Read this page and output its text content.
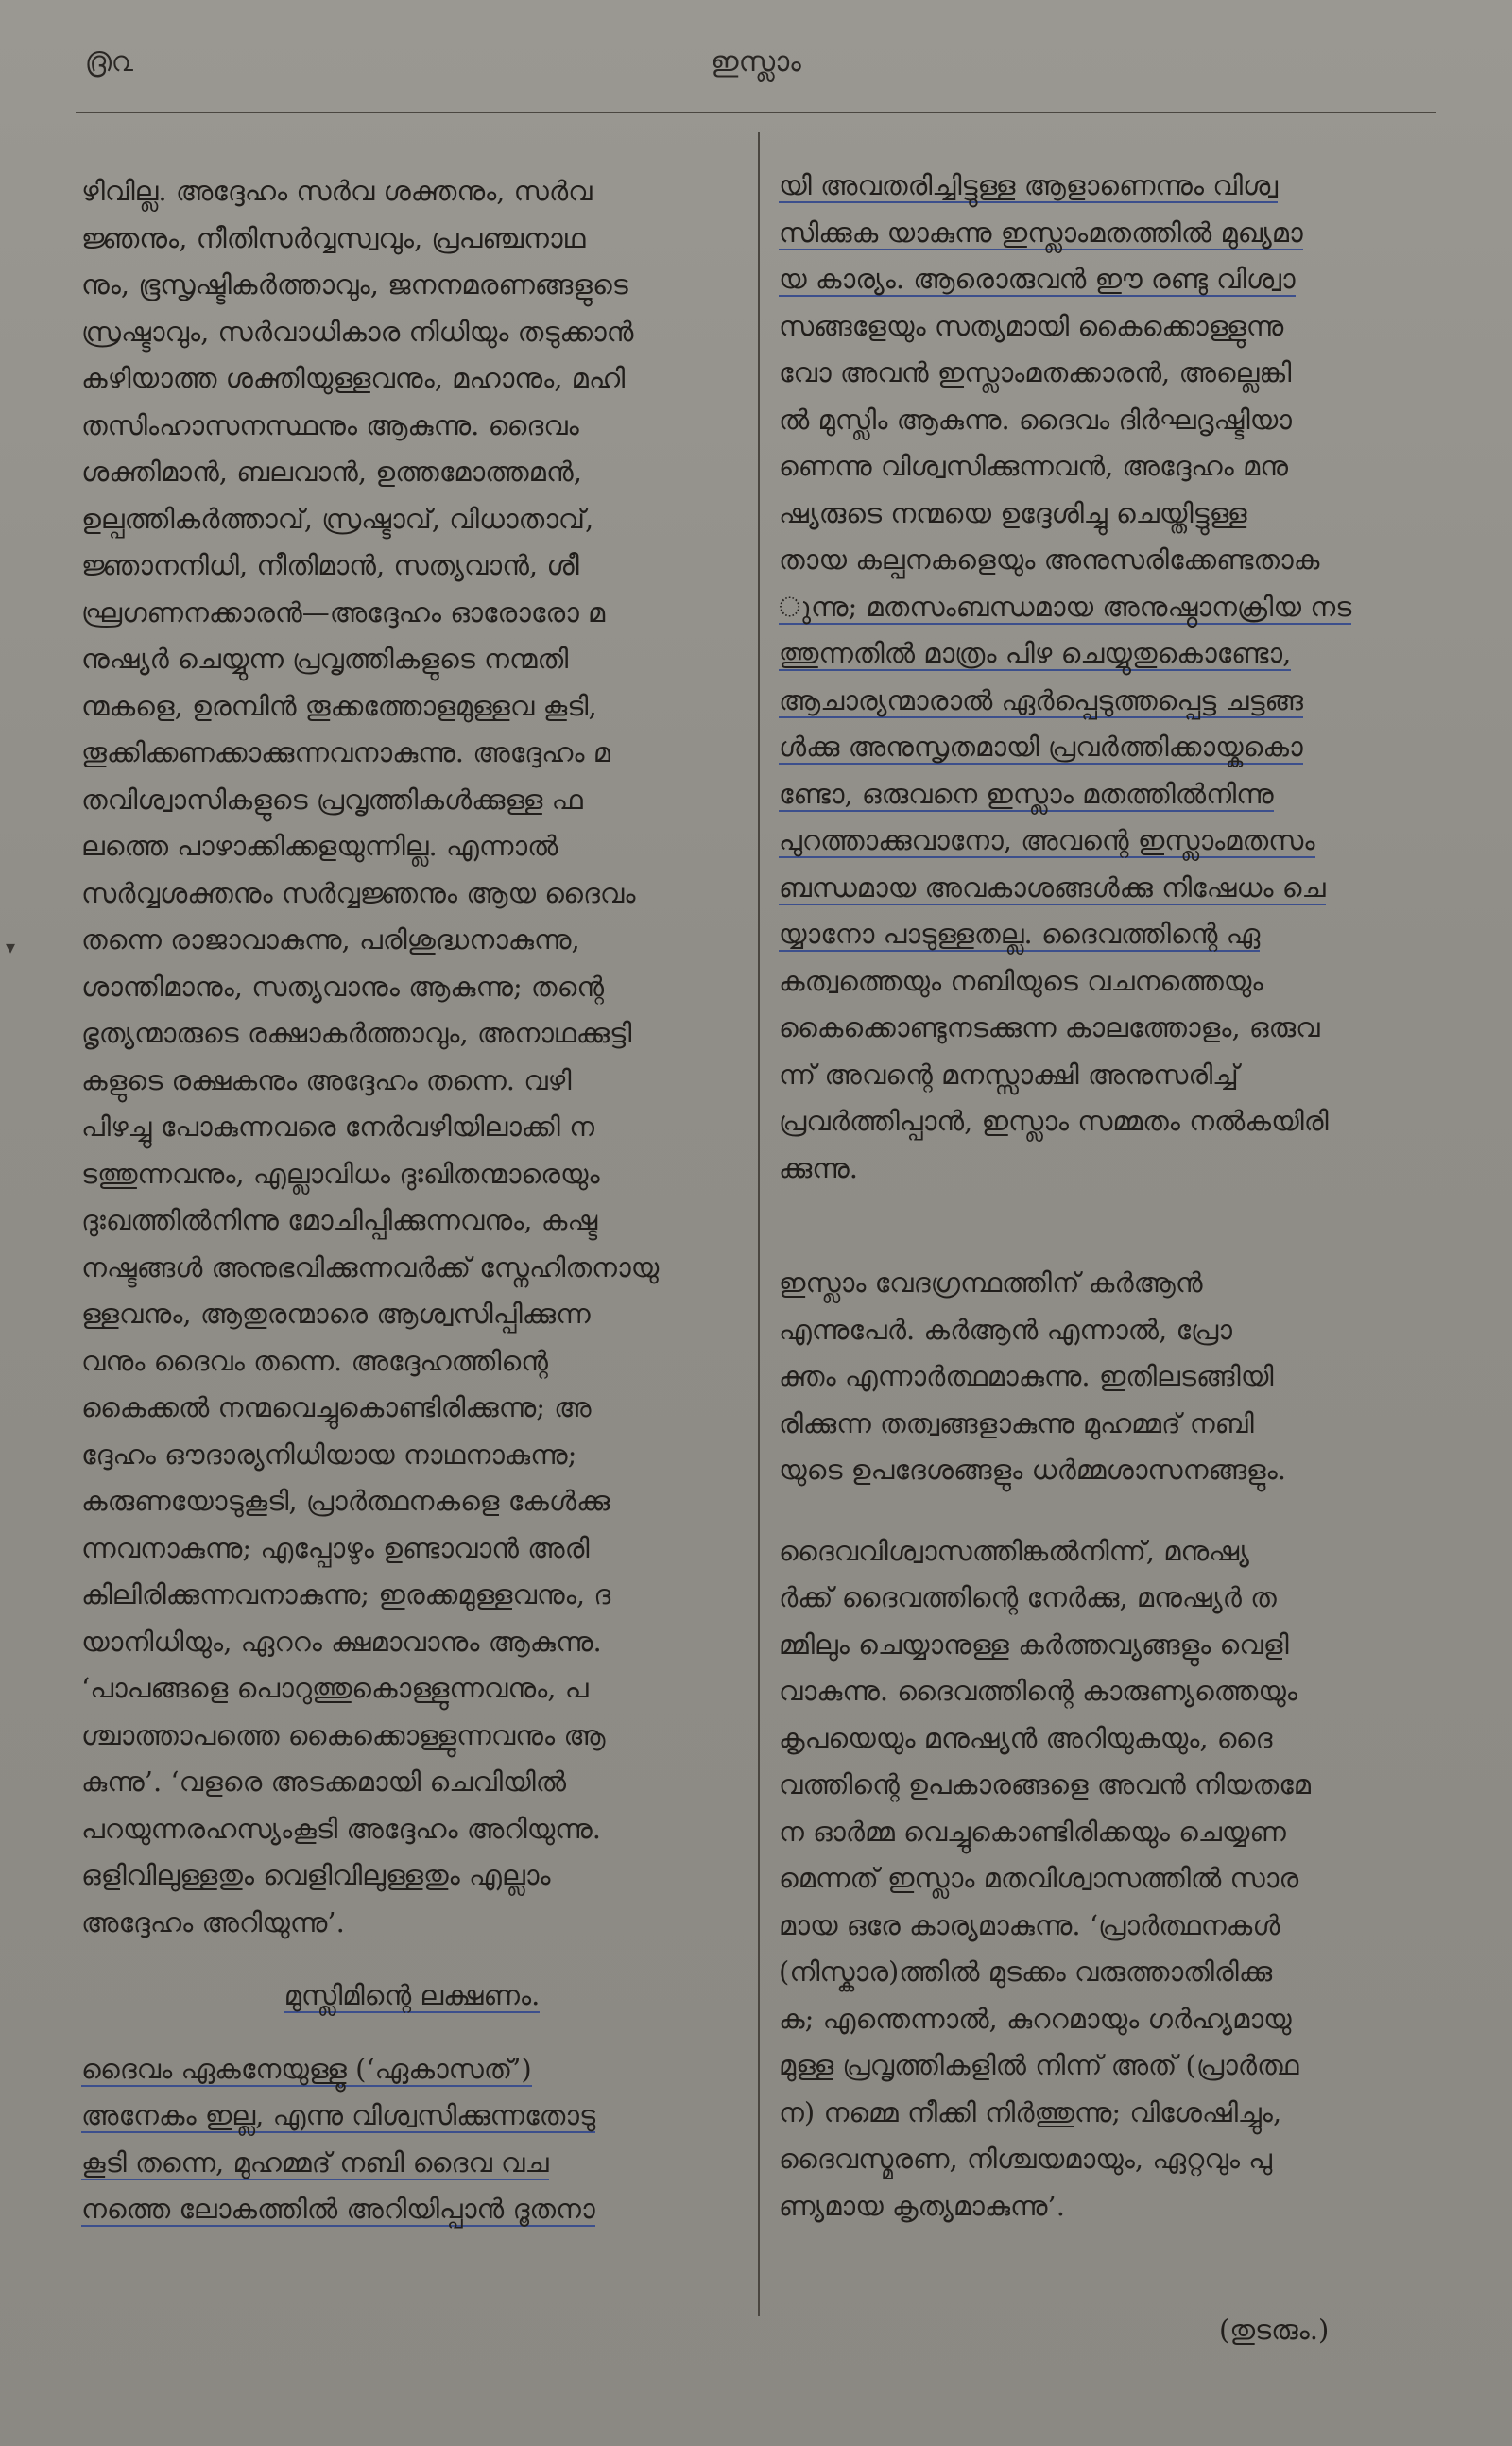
൫൨	ഇസ്ലാം
▾
ഴിവില്ല. അദ്ദേഹം സർവ ശക്തനും, സർവ
ജ്ഞനും, നീതിസർവ്വസ്വവും, പ്രപഞ്ചനാഥ
നും, ഭൂസൃഷ്ടികർത്താവും, ജനനമരണങ്ങളുടെ
സ്രഷ്ടാവും, സർവാധികാര നിധിയും തടുക്കാൻ
കഴിയാത്ത ശക്തിയുള്ളവനും, മഹാനും, മഹി
തസിംഹാസനസ്ഥനും ആകുന്നു. ദൈവം
ശക്തിമാൻ, ബലവാൻ, ഉത്തമോത്തമൻ,
ഉല്പത്തികർത്താവ്, സ്രഷ്ടാവ്, വിധാതാവ്,
ജ്ഞാനനിധി, നീതിമാൻ, സത്യവാൻ, ശീ
ഘ്രഗണനക്കാരൻ—അദ്ദേഹം ഓരോരോ മ
നുഷ്യർ ചെയ്യുന്ന പ്രവൃത്തികളുടെ നന്മതി
ന്മകളെ, ഉരമ്പിൻ തൂക്കത്തോളമുള്ളവ കൂടി,
തൂക്കിക്കണക്കാക്കുന്നവനാകുന്നു. അദ്ദേഹം മ
തവിശ്വാസികളുടെ പ്രവൃത്തികൾക്കുള്ള ഫ
ലത്തെ പാഴാക്കിക്കളയുന്നില്ല. എന്നാൽ
സർവ്വശക്തനും സർവ്വജ്ഞനും ആയ ദൈവം
തന്നെ രാജാവാകുന്നു, പരിശുദ്ധനാകുന്നു,
ശാന്തിമാനും, സത്യവാനും ആകുന്നു; തന്റെ
ഭൃത്യന്മാരുടെ രക്ഷാകർത്താവും, അനാഥക്കുട്ടി
കളുടെ രക്ഷകനും അദ്ദേഹം തന്നെ. വഴി
പിഴച്ചു പോകുന്നവരെ നേർവഴിയിലാക്കി ന
ടത്തുന്നവനും, എല്ലാവിധം ദുഃഖിതന്മാരെയും
ദുഃഖത്തിൽനിന്നു മോചിപ്പിക്കുന്നവനും, കഷ്ട
നഷ്ടങ്ങൾ അനുഭവിക്കുന്നവർക്ക് സ്നേഹിതനായു
ള്ളവനും, ആതുരന്മാരെ ആശ്വസിപ്പിക്കുന്ന
വനും ദൈവം തന്നെ. അദ്ദേഹത്തിന്റെ
കൈക്കൽ നന്മവെച്ചുകൊണ്ടിരിക്കുന്നു; അ
ദ്ദേഹം ഔദാര്യനിധിയായ നാഥനാകുന്നു;
കരുണയോടുകൂടി, പ്രാർത്ഥനകളെ കേൾക്കു
ന്നവനാകുന്നു; എപ്പോഴും ഉണ്ടാവാൻ അരി
കിലിരിക്കുന്നവനാകുന്നു; ഇരക്കമുള്ളവനും, ദ
യാനിധിയും, ഏററം ക്ഷമാവാനും ആകുന്നു.
‘പാപങ്ങളെ പൊറുത്തുകൊള്ളുന്നവനും, പ
ശ്ചാത്താപത്തെ കൈക്കൊള്ളുന്നവനും ആ
കുന്നു’. ‘വളരെ അടക്കമായി ചെവിയിൽ
പറയുന്നരഹസ്യംകൂടി അദ്ദേഹം അറിയുന്നു.
ഒളിവിലുള്ളതും വെളിവിലുള്ളതും എല്ലാം
അദ്ദേഹം അറിയുന്നു’.
മുസ്ലിമിന്റെ ലക്ഷണം.
ദൈവം ഏകനേയുള്ളൂ (‘ഏകാസത്’)
അനേകം ഇല്ല, എന്നു വിശ്വസിക്കുന്നതോടു
കൂടി തന്നെ, മുഹമ്മദ് നബി ദൈവ വച
നത്തെ ലോകത്തിൽ അറിയിപ്പാൻ ദൂതനാ
യി അവതരിച്ചിട്ടുള്ള ആളാണെന്നും വിശ്വ
സിക്കുക യാകുന്നു ഇസ്ലാംമതത്തിൽ മുഖ്യമാ
യ കാര്യം. ആരൊരുവൻ ഈ രണ്ടു വിശ്വാ
സങ്ങളേയും സത്യമായി കൈക്കൊള്ളുന്നു
വോ അവൻ ഇസ്ലാംമതക്കാരൻ, അല്ലെങ്കി
ൽ മുസ്ലിം ആകുന്നു. ദൈവം ദിർഘദൃഷ്ടിയാ
ണെന്നു വിശ്വസിക്കുന്നവൻ, അദ്ദേഹം മനു
ഷ്യരുടെ നന്മയെ ഉദ്ദേശിച്ചു ചെയ്തിട്ടുള്ള
തായ കല്പനകളെയും അനുസരിക്കേണ്ടതാക
ുന്നു; മതസംബന്ധമായ അനുഷ്ഠാനക്രിയ നട
ത്തുന്നതിൽ മാത്രം പിഴ ചെയ്യുതുകൊണ്ടോ,
ആചാര്യന്മാരാൽ ഏർപ്പെടുത്തപ്പെട്ട ചട്ടങ്ങ
ൾക്കു അനുസൃതമായി പ്രവർത്തിക്കായ്കകൊ
ണ്ടോ, ഒരുവനെ ഇസ്ലാം മതത്തിൽനിന്നു
പുറത്താക്കുവാനോ, അവന്റെ ഇസ്ലാംമതസം
ബന്ധമായ അവകാശങ്ങൾക്കു നിഷേധം ചെ
യ്യാനോ പാടുള്ളതല്ല. ദൈവത്തിന്റെ ഏ
കത്വത്തെയും നബിയുടെ വചനത്തെയും
കൈക്കൊണ്ടുനടക്കുന്ന കാലത്തോളം, ഒരുവ
ന്ന് അവന്റെ മനസ്സാക്ഷി അനുസരിച്ച്
പ്രവർത്തിപ്പാൻ, ഇസ്ലാം സമ്മതം നൽകയിരി
ക്കുന്നു.
ഇസ്ലാം വേദഗ്രന്ഥത്തിന് കർആൻ
എന്നുപേർ. കർആൻ എന്നാൽ, പ്രോ
ക്തം എന്നാർത്ഥമാകുന്നു. ഇതിലടങ്ങിയി
രിക്കുന്ന തത്വങ്ങളാകുന്നു മുഹമ്മദ് നബി
യുടെ ഉപദേശങ്ങളും ധർമ്മശാസനങ്ങളും.
ദൈവവിശ്വാസത്തിങ്കൽനിന്ന്, മനുഷ്യ
ർക്ക് ദൈവത്തിന്റെ നേർക്കു, മനുഷ്യർ ത
മ്മിലും ചെയ്യാനുള്ള കർത്തവ്യങ്ങളും വെളി
വാകുന്നു. ദൈവത്തിന്റെ കാരുണ്യത്തെയും
കൃപയെയും മനുഷ്യൻ അറിയുകയും, ദൈ
വത്തിന്റെ ഉപകാരങ്ങളെ അവൻ നിയതമേ
ന ഓർമ്മ വെച്ചുകൊണ്ടിരിക്കയും ചെയ്യണ
മെന്നത് ഇസ്ലാം മതവിശ്വാസത്തിൽ സാര
മായ ഒരേ കാര്യമാകുന്നു. ‘പ്രാർത്ഥനകൾ
(നിസ്കാര)ത്തിൽ മുടക്കം വരുത്താതിരിക്കു
ക; എന്തെന്നാൽ, കുററമായും ഗർഹ്യമായു
മുള്ള പ്രവൃത്തികളിൽ നിന്ന് അത് (പ്രാർത്ഥ
ന) നമ്മെ നീക്കി നിർത്തുന്നു; വിശേഷിച്ചും,
ദൈവസ്മരണ, നിശ്ചയമായും, ഏറ്റവും പു
ണ്യമായ കൃത്യമാകുന്നു’.
(തുടരും.)
